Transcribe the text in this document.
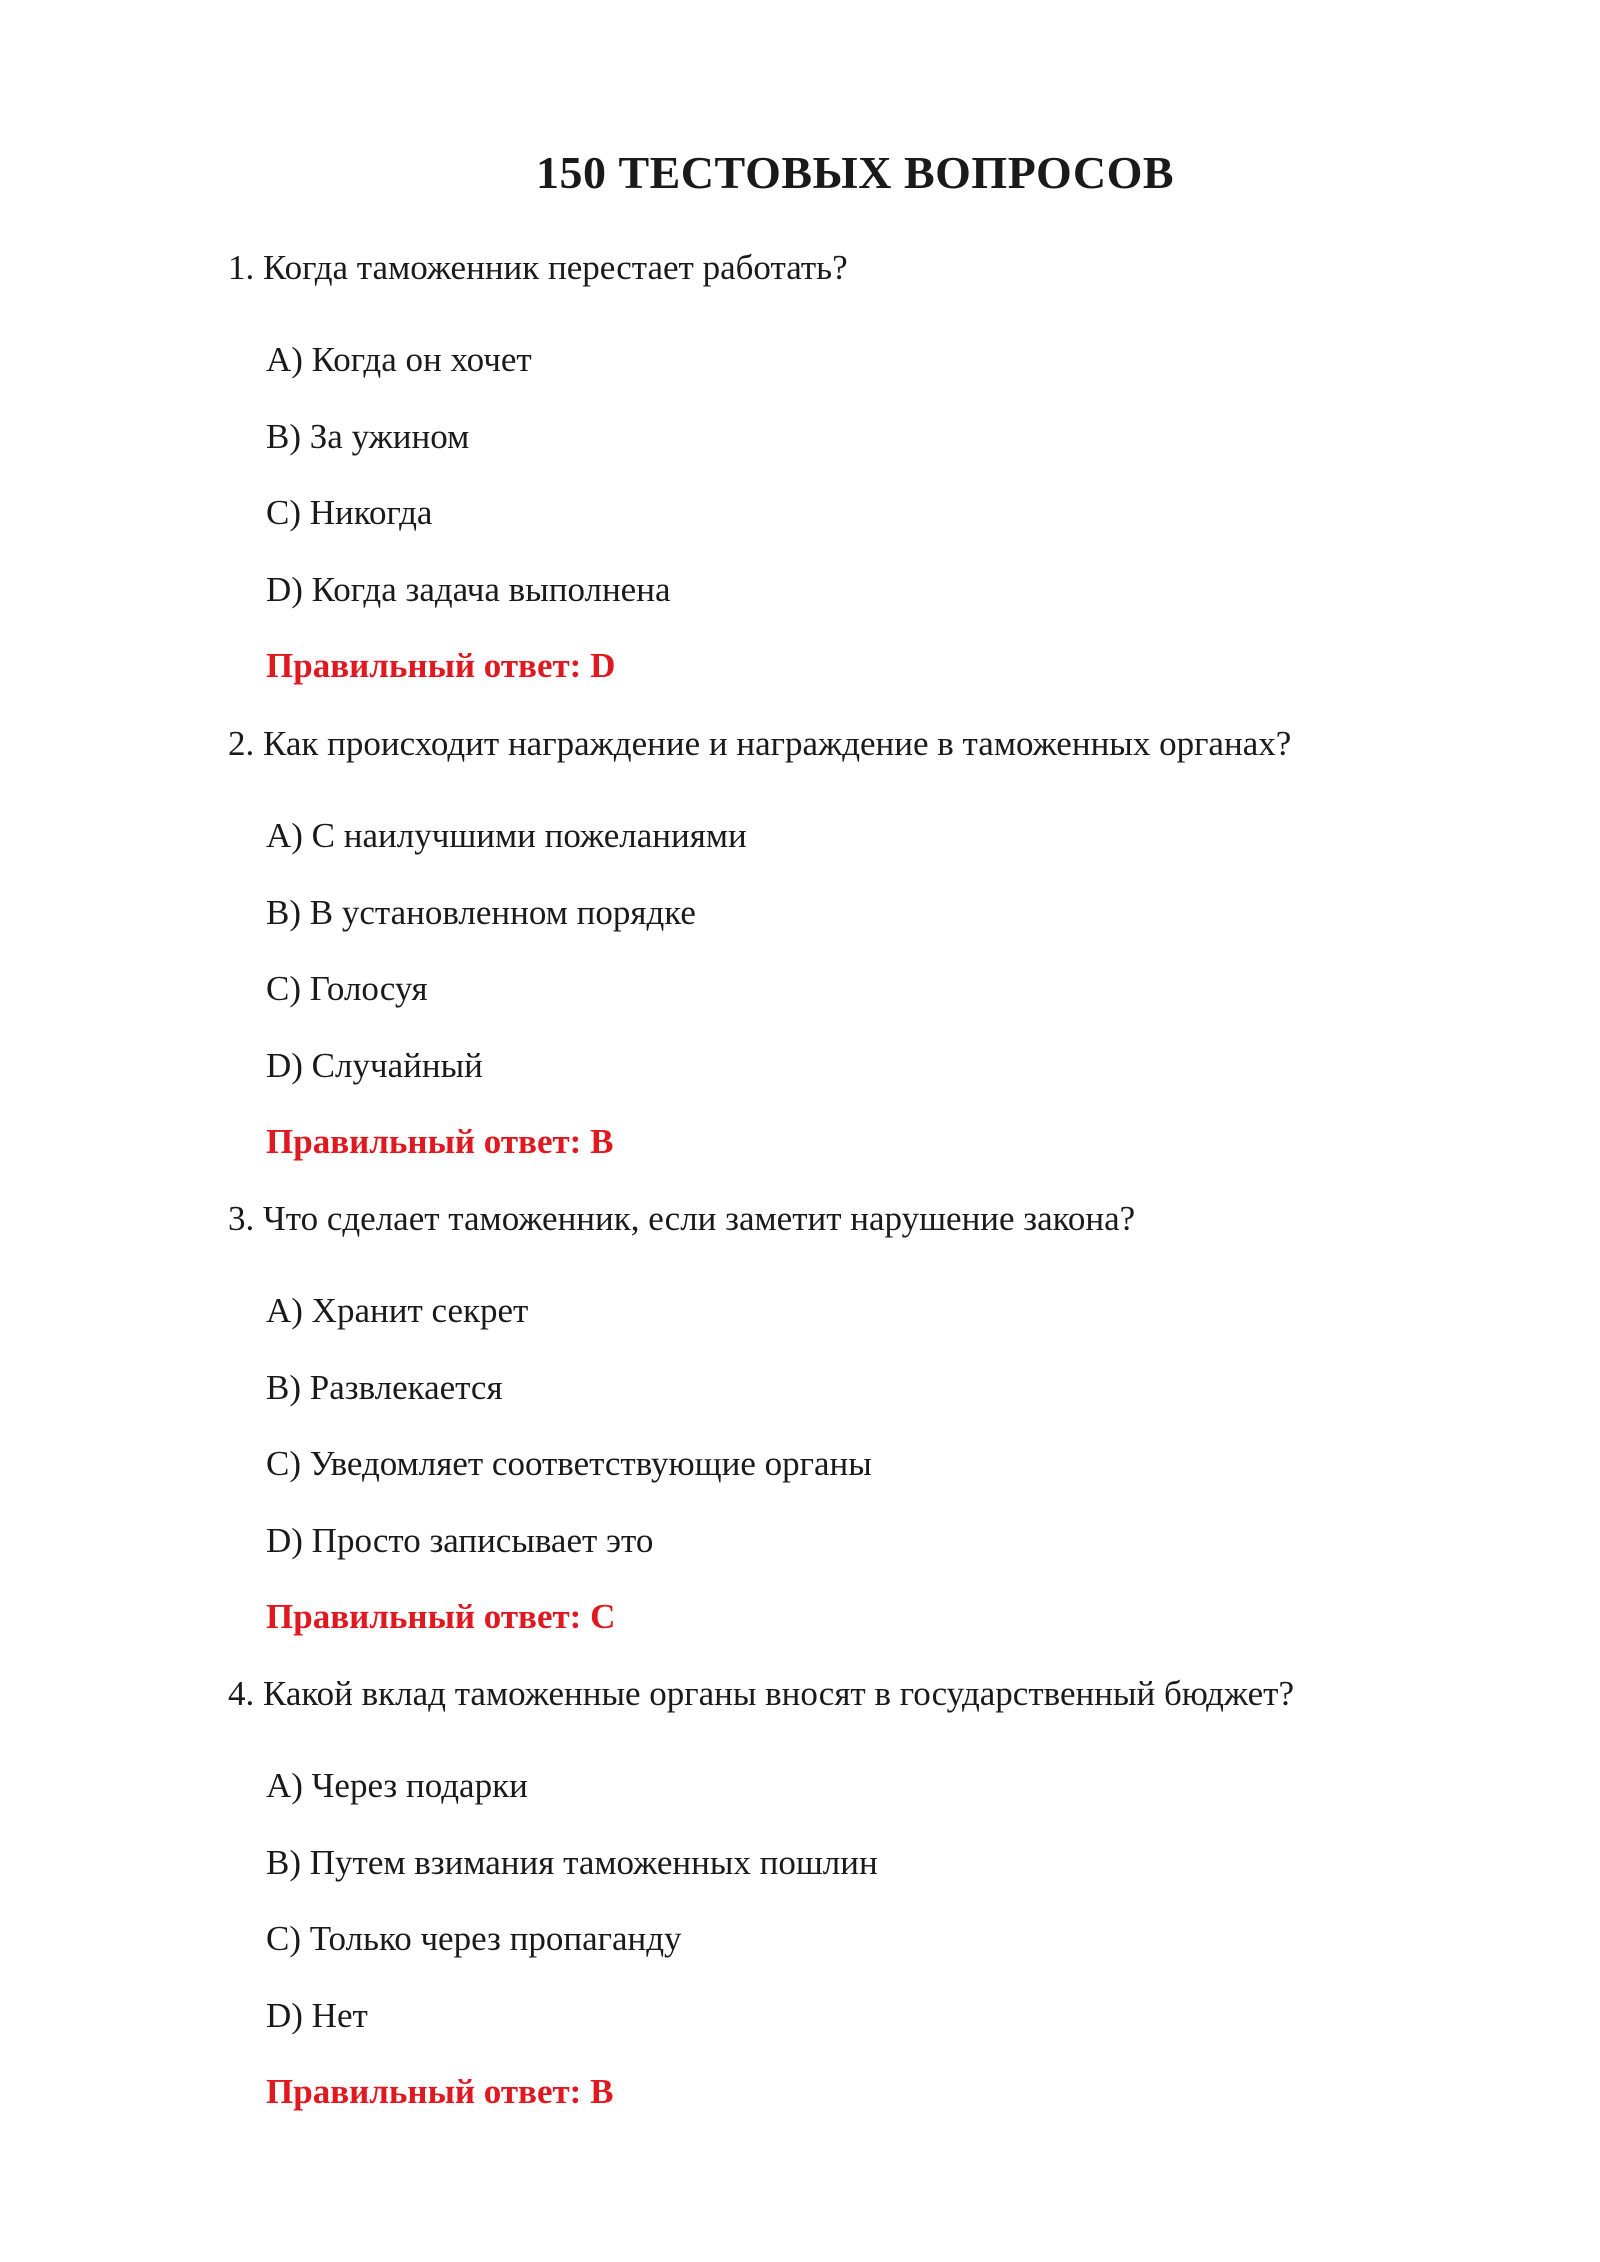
150 ТЕСТОВЫХ ВОПРОСОВ
1. Когда таможенник перестает работать?
A) Когда он хочет
B) За ужином
C) Никогда
D) Когда задача выполнена
Правильный ответ: D
2. Как происходит награждение и награждение в таможенных органах?
A) С наилучшими пожеланиями
B) В установленном порядке
C) Голосуя
D) Случайный
Правильный ответ: B
3. Что сделает таможенник, если заметит нарушение закона?
A) Хранит секрет
B) Развлекается
C) Уведомляет соответствующие органы
D) Просто записывает это
Правильный ответ: C
4. Какой вклад таможенные органы вносят в государственный бюджет?
A) Через подарки
B) Путем взимания таможенных пошлин
C) Только через пропаганду
D) Нет
Правильный ответ: B
